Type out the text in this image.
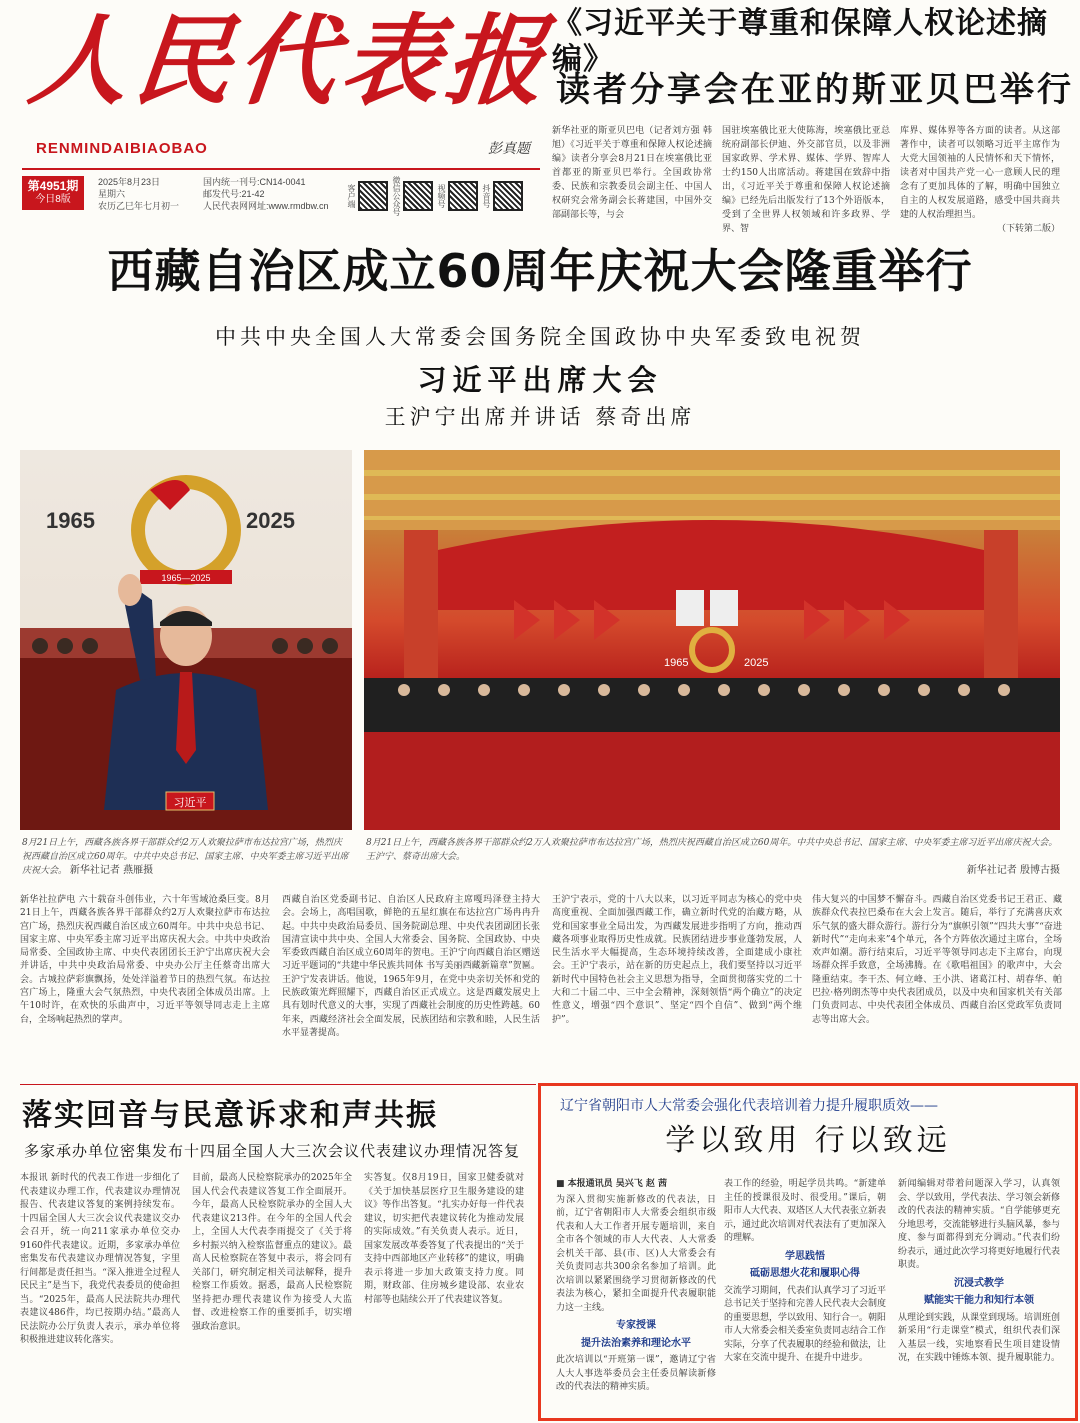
人民代表报
RENMINDAIBIAOBAO	彭真题
第4951期
今日8版
2025年8月23日
星期六
农历乙巳年七月初一
国内统一刊号:CN14-0041
邮发代号:21-42
人民代表网网址:www.rmdbw.cn	客户端	微信公众号	视频号	抖音号
《习近平关于尊重和保障人权论述摘编》
读者分享会在亚的斯亚贝巴举行
新华社亚的斯亚贝巴电（记者刘方强 韩旭）《习近平关于尊重和保障人权论述摘编》读者分享会8月21日在埃塞俄比亚首都亚的斯亚贝巴举行。全国政协常委、民族和宗教委员会副主任、中国人权研究会常务副会长蒋建国，中国外交部副部长等，与会
国驻埃塞俄比亚大使陈海，埃塞俄比亚总统府副部长伊迪、外交部官员，以及非洲国家政界、学术界、媒体、学界、智库人士约150人出席活动。蒋建国在致辞中指出，《习近平关于尊重和保障人权论述摘编》已经先后出版发行了13个外语版本，受到了全世界人权领域和许多政界、学界、智
库界、媒体界等各方面的读者。从这部著作中，读者可以领略习近平主席作为大党大国领袖的人民情怀和天下情怀，读者对中国共产党一心一意顾人民的理念有了更加具体的了解，明确中国独立自主的人权发展道路，感受中国共商共建的人权治理担当。
（下转第二版）
西藏自治区成立60周年庆祝大会隆重举行
中共中央全国人大常委会国务院全国政协中央军委致电祝贺
习近平出席大会
王沪宁出席并讲话 蔡奇出席
1965	2025
1965—2025
习近平
1965	2025
8月21日上午，西藏各族各界干部群众约2万人欢聚拉萨市布达拉宫广场，热烈庆祝西藏自治区成立60周年。中共中央总书记、国家主席、中央军委主席习近平出席庆祝大会。 新华社记者 燕雁摄
8月21日上午，西藏各族各界干部群众约2万人欢聚拉萨市布达拉宫广场，热烈庆祝西藏自治区成立60周年。中共中央总书记、国家主席、中央军委主席习近平出席庆祝大会。王沪宁、蔡奇出席大会。
新华社记者 殷博古摄
新华社拉萨电 六十载奋斗创伟业，六十年雪域沧桑巨变。8月21日上午，西藏各族各界干部群众约2万人欢聚拉萨市布达拉宫广场，热烈庆祝西藏自治区成立60周年。中共中央总书记、国家主席、中央军委主席习近平出席庆祝大会。中共中央政治局常委、全国政协主席、中央代表团团长王沪宁出席庆祝大会并讲话，中共中央政治局常委、中央办公厅主任蔡奇出席大会。古城拉萨彩旗飘扬，处处洋溢着节日的热烈气氛。布达拉宫广场上，隆重大会气氛热烈，中央代表团全体成员出席。上午10时许，在欢快的乐曲声中，习近平等领导同志走上主席台，全场响起热烈的掌声。
西藏自治区党委副书记、自治区人民政府主席嘎玛泽登主持大会。会场上，高唱国歌，鲜艳的五星红旗在布达拉宫广场冉冉升起。中共中央政治局委员、国务院副总理、中央代表团副团长张国清宣读中共中央、全国人大常委会、国务院、全国政协、中央军委致西藏自治区成立60周年的贺电。王沪宁向西藏自治区赠送习近平题词的“共建中华民族共同体 书写美丽西藏新篇章”贺匾。王沪宁发表讲话。他说，1965年9月，在党中央亲切关怀和党的民族政策光辉照耀下，西藏自治区正式成立。这是西藏发展史上具有划时代意义的大事，实现了西藏社会制度的历史性跨越。60年来，西藏经济社会全面发展，民族团结和宗教和睦，人民生活水平显著提高。
王沪宁表示，党的十八大以来，以习近平同志为核心的党中央高度重视、全面加强西藏工作，确立新时代党的治藏方略，从党和国家事业全局出发，为西藏发展进步指明了方向，推动西藏各项事业取得历史性成就。民族团结进步事业蓬勃发展，人民生活水平大幅提高，生态环境持续改善，全面建成小康社会。王沪宁表示，站在新的历史起点上，我们要坚持以习近平新时代中国特色社会主义思想为指导，全面贯彻落实党的二十大和二十届二中、三中全会精神，深刻领悟“两个确立”的决定性意义，增强“四个意识”、坚定“四个自信”、做到“两个维护”。
伟大复兴的中国梦不懈奋斗。西藏自治区党委书记王君正、藏族群众代表拉巴桑布在大会上发言。随后，举行了充满喜庆欢乐气氛的盛大群众游行。游行分为“旗帜引领”“四共大事”“奋进新时代”“走向未来”4个单元，各个方阵依次通过主席台，全场欢声如潮。游行结束后，习近平等领导同志走下主席台，向现场群众挥手致意，全场沸腾。在《歌唱祖国》的歌声中，大会隆重结束。李干杰、何立峰、王小洪、诸葛江村、胡春华、帕巴拉·格列朗杰等中央代表团成员，以及中央和国家机关有关部门负责同志、中央代表团全体成员、西藏自治区党政军负责同志等出席大会。
落实回音与民意诉求和声共振
多家承办单位密集发布十四届全国人大三次会议代表建议办理情况答复
本报讯 新时代的代表工作进一步细化了代表建议办理工作，代表建议办理情况报告、代表建议答复的案例持续发布。十四届全国人大三次会议代表建议交办会召开，统一向211家承办单位交办9160件代表建议。近期，多家承办单位密集发布代表建议办理情况答复，字里行间都是责任担当。“深入推进全过程人民民主”是当下，我党代表委员的使命担当。“2025年，最高人民法院共办理代表建议486件，均已按期办结。”最高人民法院办公厅负责人表示，承办单位将积极推进建议转化落实。
目前，最高人民检察院承办的2025年全国人代会代表建议答复工作全面展开。今年，最高人民检察院承办的全国人大代表建议213件。在今年的全国人代会上，全国人大代表李雨提交了《关于将乡村振兴纳入检察监督重点的建议》。最高人民检察院在答复中表示，将会同有关部门，研究制定相关司法解释，提升检察工作质效。据悉，最高人民检察院坚持把办理代表建议作为接受人大监督、改进检察工作的重要抓手，切实增强政治意识。
实答复。仅8月19日，国家卫健委就对《关于加快基层医疗卫生服务建设的建议》等作出答复。“扎实办好每一件代表建议，切实把代表建议转化为推动发展的实际成效。”有关负责人表示。近日，国家发展改革委答复了代表提出的“关于支持中西部地区产业转移”的建议，明确表示将进一步加大政策支持力度。同期，财政部、住房城乡建设部、农业农村部等也陆续公开了代表建议答复。
辽宁省朝阳市人大常委会强化代表培训着力提升履职质效——
学以致用 行以致远
■ 本报通讯员 吴兴飞 赵 茜
为深入贯彻实施新修改的代表法，日前，辽宁省朝阳市人大常委会组织市级代表和人大工作者开展专题培训，来自全市各个领域的市人大代表、人大常委会机关干部、县(市、区)人大常委会有关负责同志共300余名参加了培训。此次培训以紧紧围绕学习贯彻新修改的代表法为核心，紧扣全面提升代表履职能力这一主线。
专家授课
提升法治素养和理论水平
此次培训以“开班第一课”，邀请辽宁省人大人事选举委员会主任委员解读新修改的代表法的精神实质。
表工作的经验，明起学员共鸣。“新建单主任的授课很及时、很受用。”课后，朝阳市人大代表、双塔区人大代表张立新表示，通过此次培训对代表法有了更加深入的理解。
学思践悟
砥砺思想火花和履职心得
交流学习期间，代表们认真学习了习近平总书记关于坚持和完善人民代表大会制度的重要思想，学以致用、知行合一。朝阳市人大常委会相关委室负责同志结合工作实际，分享了代表履职的经验和做法，让大家在交流中提升、在提升中进步。
新闻编辑对带着问题深入学习，认真领会、学以致用，学代表法、学习领会新修改的代表法的精神实质。“自学能够更充分地思考，交流能够进行头脑风暴，参与度、参与面都得到充分调动。”代表们纷纷表示，通过此次学习将更好地履行代表职责。
沉浸式教学
赋能实干能力和知行本领
从理论到实践，从课堂到现场。培训班创新采用“行走课堂”模式，组织代表们深入基层一线，实地察看民生项目建设情况，在实践中锤炼本领、提升履职能力。
